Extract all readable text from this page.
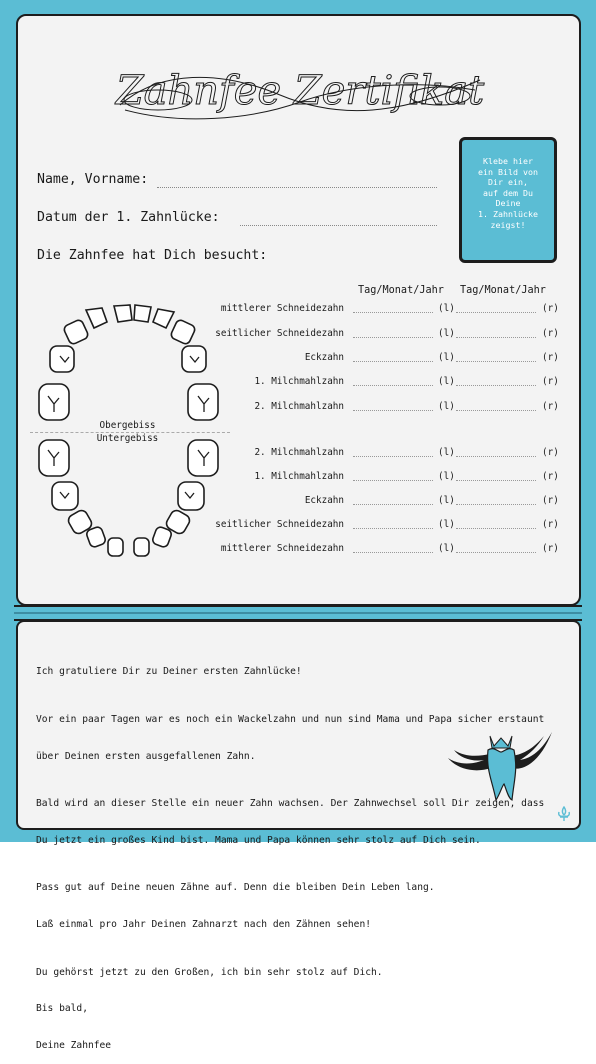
Zahnfee Zertifikat
Klebe hier
ein Bild von
Dir ein,
auf dem Du
Deine
1. Zahnlücke
zeigst!
Name, Vorname:
Datum der 1. Zahnlücke:
Die Zahnfee hat Dich besucht:
Tag/Monat/Jahr Tag/Monat/Jahr
mittlerer Schneidezahn	(l)	(r)
seitlicher Schneidezahn	(l)	(r)
Eckzahn	(l)	(r)
1. Milchmahlzahn	(l)	(r)
2. Milchmahlzahn	(l)	(r)
2. Milchmahlzahn	(l)	(r)
1. Milchmahlzahn	(l)	(r)
Eckzahn	(l)	(r)
seitlicher Schneidezahn	(l)	(r)
mittlerer Schneidezahn	(l)	(r)
Obergebiss
Untergebiss

Ich gratuliere Dir zu Deiner ersten Zahnlücke!

Vor ein paar Tagen war es noch ein Wackelzahn und nun sind Mama und Papa sicher erstaunt

über Deinen ersten ausgefallenen Zahn.

Bald wird an dieser Stelle ein neuer Zahn wachsen. Der Zahnwechsel soll Dir zeigen, dass

Du jetzt ein großes Kind bist. Mama und Papa können sehr stolz auf Dich sein.

Pass gut auf Deine neuen Zähne auf. Denn die bleiben Dein Leben lang.

Laß einmal pro Jahr Deinen Zahnarzt nach den Zähnen sehen!

Du gehörst jetzt zu den Großen, ich bin sehr stolz auf Dich.

Bis bald,

Deine Zahnfee
